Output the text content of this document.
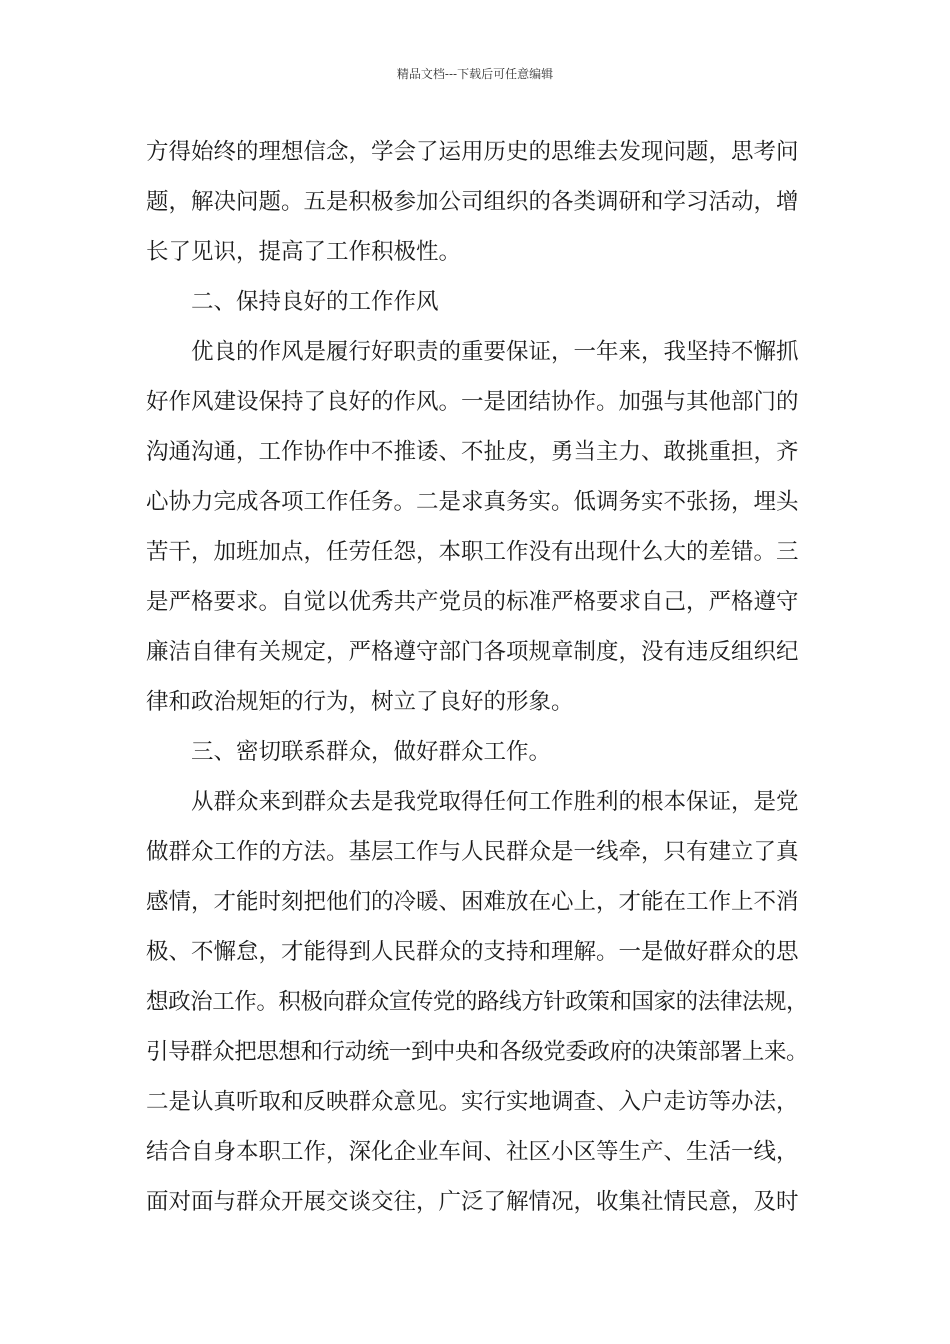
精品文档---下载后可任意编辑
方得始终的理想信念，学会了运用历史的思维去发现问题，思考问
题，解决问题。五是积极参加公司组织的各类调研和学习活动，增
长了见识，提高了工作积极性。
二、保持良好的工作作风
优良的作风是履行好职责的重要保证，一年来，我坚持不懈抓
好作风建设保持了良好的作风。一是团结协作。加强与其他部门的
沟通沟通，工作协作中不推诿、不扯皮，勇当主力、敢挑重担，齐
心协力完成各项工作任务。二是求真务实。低调务实不张扬，埋头
苦干，加班加点，任劳任怨，本职工作没有出现什么大的差错。三
是严格要求。自觉以优秀共产党员的标准严格要求自己，严格遵守
廉洁自律有关规定，严格遵守部门各项规章制度，没有违反组织纪
律和政治规矩的行为，树立了良好的形象。
三、密切联系群众，做好群众工作。
从群众来到群众去是我党取得任何工作胜利的根本保证，是党
做群众工作的方法。基层工作与人民群众是一线牵，只有建立了真
感情，才能时刻把他们的冷暖、困难放在心上，才能在工作上不消
极、不懈怠，才能得到人民群众的支持和理解。一是做好群众的思
想政治工作。积极向群众宣传党的路线方针政策和国家的法律法规，
引导群众把思想和行动统一到中央和各级党委政府的决策部署上来。
二是认真听取和反映群众意见。实行实地调查、入户走访等办法，
结合自身本职工作，深化企业车间、社区小区等生产、生活一线，
面对面与群众开展交谈交往，广泛了解情况，收集社情民意，及时
